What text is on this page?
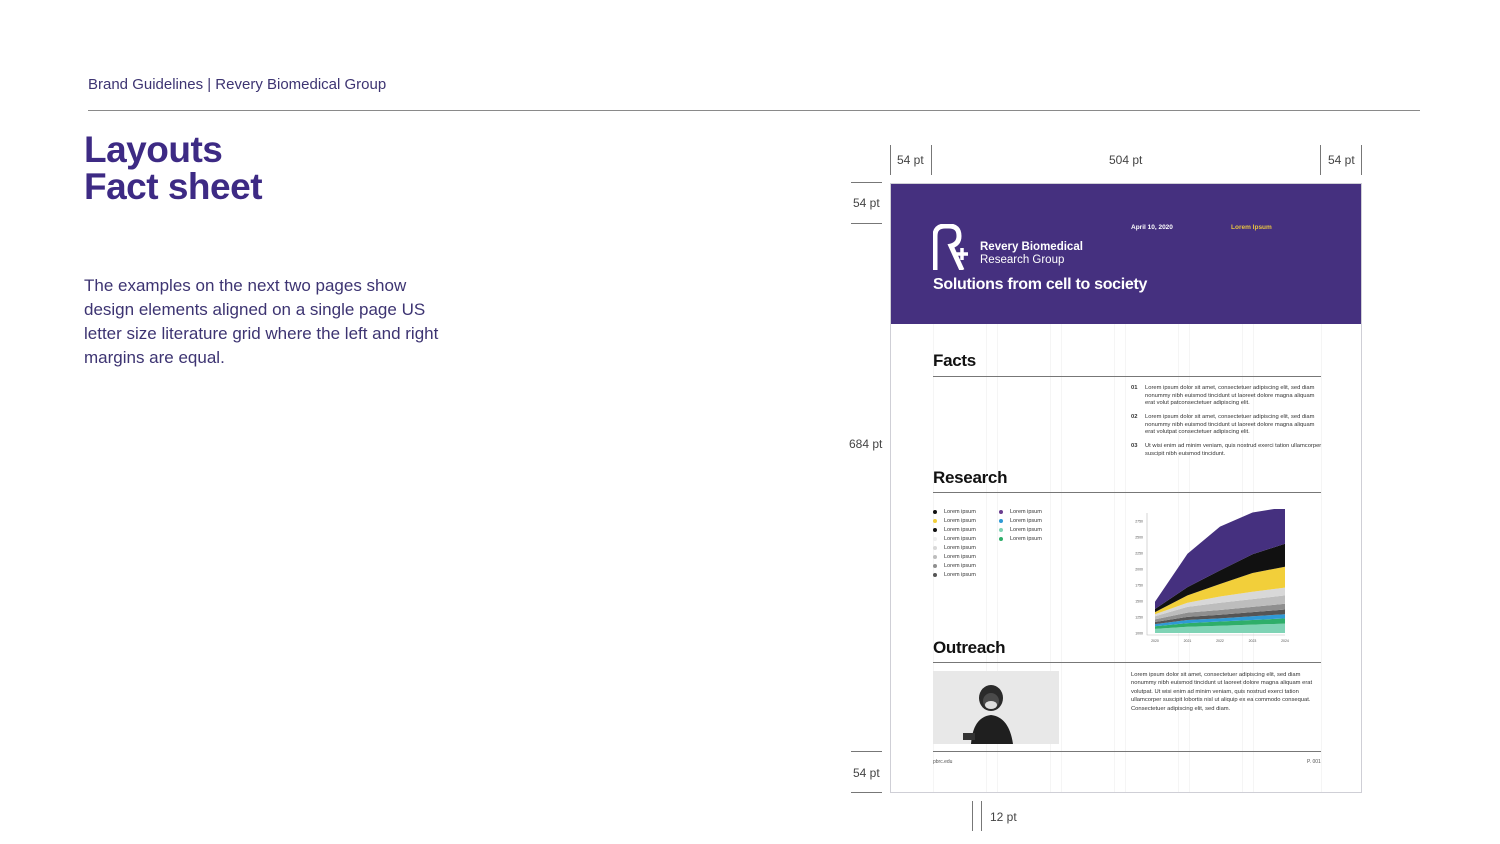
Brand Guidelines | Revery Biomedical Group
Layouts
Fact sheet
The examples on the next two pages show design elements aligned on a single page US letter size literature grid where the left and right margins are equal.
54 pt	504 pt	54 pt
54 pt
684 pt
54 pt
12 pt
Revery Biomedical
Research Group
Solutions from cell to society
April 10, 2020	Lorem Ipsum
Facts
01 Lorem ipsum dolor sit amet, consectetuer adipiscing elit, sed diam nonummy nibh euismod tincidunt ut laoreet dolore magna aliquam erat volut patconsectetuer adipiscing elit.
02 Lorem ipsum dolor sit amet, consectetuer adipiscing elit, sed diam nonummy nibh euismod tincidunt ut laoreet dolore magna aliquam erat volutpat consectetuer adipiscing elit.
03 Ut wisi enim ad minim veniam, quis nostrud exerci tation ullamcorper suscipit nibh euismod tincidunt.
Research
Lorem ipsum
Lorem ipsum
Lorem ipsum
Lorem ipsum
Lorem ipsum
Lorem ipsum
Lorem ipsum
Lorem ipsum
Lorem ipsum
Lorem ipsum
Lorem ipsum
Lorem ipsum
1000
1250
1500
1750
2000
2250
2500
2750
2020	2021	2022	2023	2024
Outreach
Lorem ipsum dolor sit amet, consectetuer adipiscing elit, sed diam nonummy nibh euismod tincidunt ut laoreet dolore magna aliquam erat volutpat. Ut wisi enim ad minim veniam, quis nostrud exerci tation ullamcorper suscipit lobortis nisl ut aliquip ex ea commodo consequat. Consectetuer adipiscing elit, sed diam.
pbrc.edu	P. 001
